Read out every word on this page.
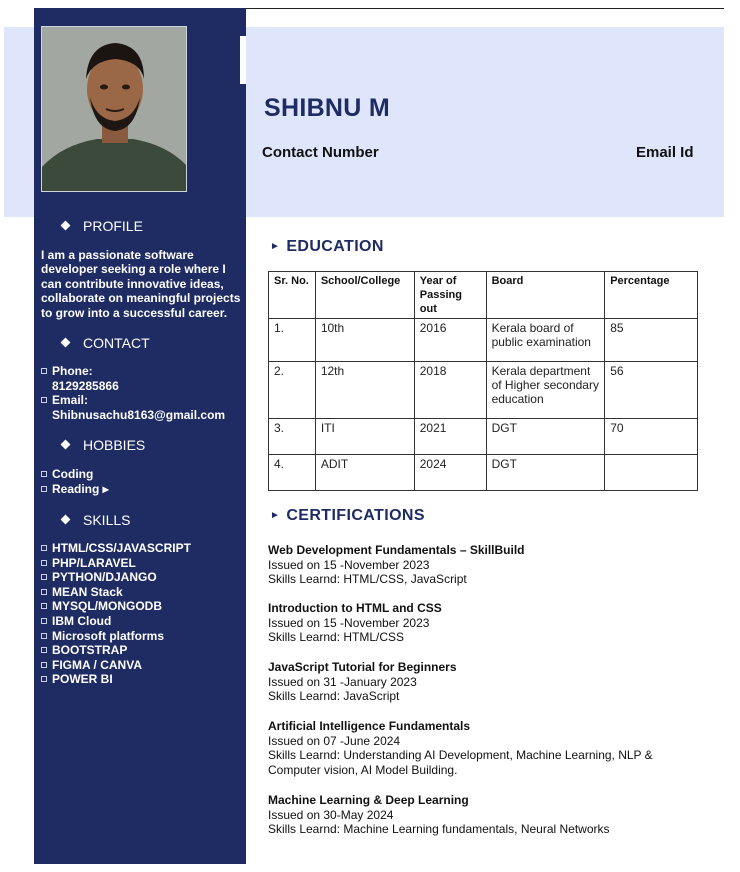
PROFILE
I am a passionate software developer seeking a role where I can contribute innovative ideas, collaborate on meaningful projects to grow into a successful career.
CONTACT
Phone:
8129285866
Email:
Shibnusachu8163@gmail.com
HOBBIES
Coding
Reading ▸
SKILLS
HTML/CSS/JAVASCRIPT
PHP/LARAVEL
PYTHON/DJANGO
MEAN Stack
MYSQL/MONGODB
IBM Cloud
Microsoft platforms
BOOTSTRAP
FIGMA / CANVA
POWER BI
SHIBNU M
Contact Number	Email Id
► EDUCATION
Sr. No.	School/College	Year of Passing out	Board	Percentage
1.	10th	2016	Kerala board of public examination	85
2.	12th	2018	Kerala department of Higher secondary education	56
3.	ITI	2021	DGT	70
4.	ADIT	2024	DGT	
► CERTIFICATIONS
Web Development Fundamentals – SkillBuild
Issued on 15 -November 2023
Skills Learnd: HTML/CSS, JavaScript
Introduction to HTML and CSS
Issued on 15 -November 2023
Skills Learnd: HTML/CSS
JavaScript Tutorial for Beginners
Issued on 31 -January 2023
Skills Learnd: JavaScript
Artificial Intelligence Fundamentals
Issued on 07 -June 2024
Skills Learnd: Understanding AI Development, Machine Learning, NLP & Computer vision, AI Model Building.
Machine Learning & Deep Learning
Issued on 30-May 2024
Skills Learnd: Machine Learning fundamentals, Neural Networks
